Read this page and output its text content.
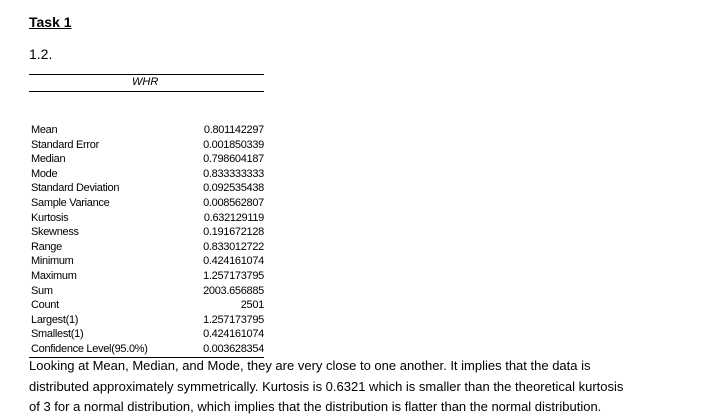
Task 1
1.2.
WHR
Mean	0.801142297
Standard Error	0.001850339
Median	0.798604187
Mode	0.833333333
Standard Deviation	0.092535438
Sample Variance	0.008562807
Kurtosis	0.632129119
Skewness	0.191672128
Range	0.833012722
Minimum	0.424161074
Maximum	1.257173795
Sum	2003.656885
Count	2501
Largest(1)	1.257173795
Smallest(1)	0.424161074
Confidence Level(95.0%)	0.003628354
Looking at Mean, Median, and Mode, they are very close to one another. It implies that the data is
distributed approximately symmetrically. Kurtosis is 0.6321 which is smaller than the theoretical kurtosis
of 3 for a normal distribution, which implies that the distribution is flatter than the normal distribution.
